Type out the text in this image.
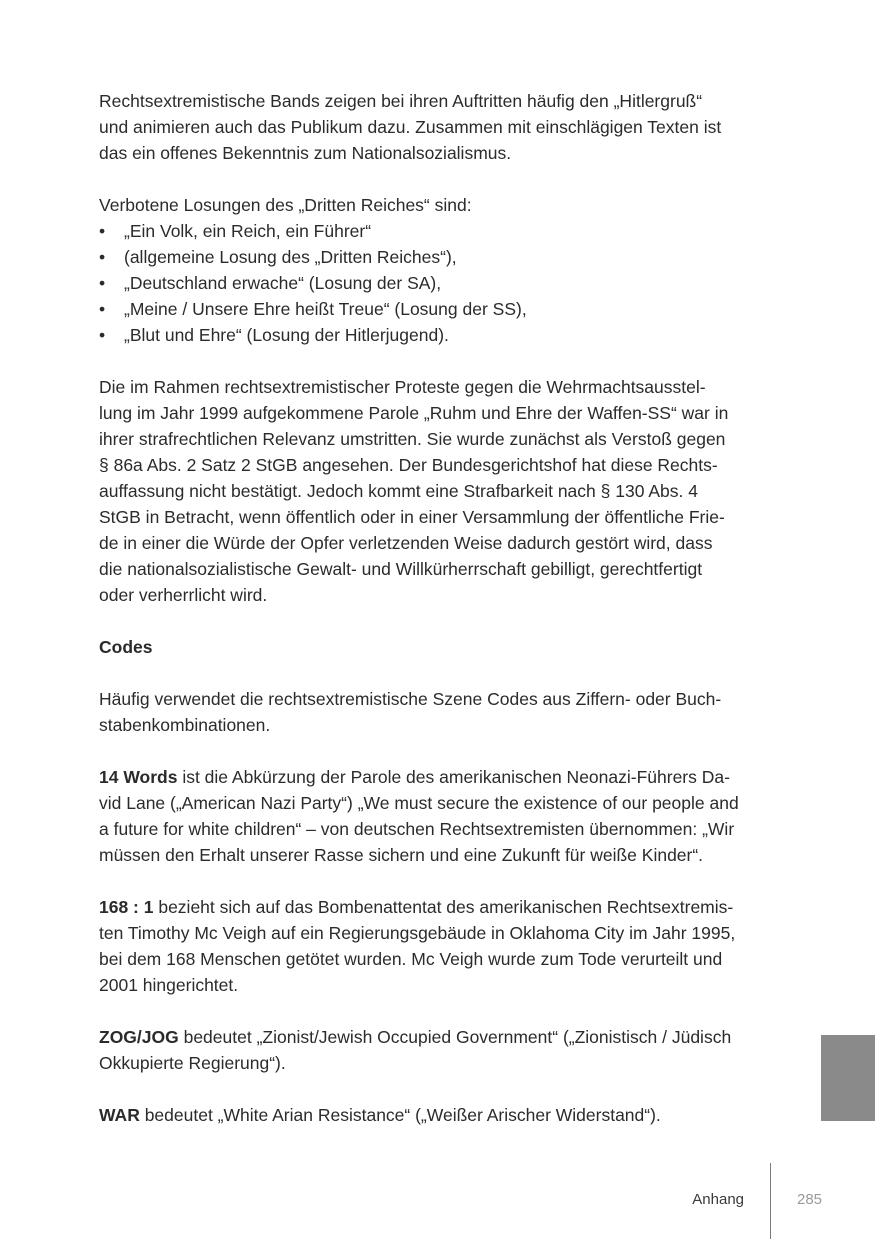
Rechtsextremistische Bands zeigen bei ihren Auftritten häufig den „Hitlergruß“
und animieren auch das Publikum dazu. Zusammen mit einschlägigen Texten ist
das ein offenes Bekenntnis zum Nationalsozialismus.

Verbotene Losungen des „Dritten Reiches“ sind:

• „Ein Volk, ein Reich, ein Führer“
• (allgemeine Losung des „Dritten Reiches“),
• „Deutschland erwache“ (Losung der SA),
• „Meine / Unsere Ehre heißt Treue“ (Losung der SS),
• „Blut und Ehre“ (Losung der Hitlerjugend).

Die im Rahmen rechtsextremistischer Proteste gegen die Wehrmachtsausstel-
lung im Jahr 1999 aufgekommene Parole „Ruhm und Ehre der Waffen-SS“ war in
ihrer strafrechtlichen Relevanz umstritten. Sie wurde zunächst als Verstoß gegen
§ 86a Abs. 2 Satz 2 StGB angesehen. Der Bundesgerichtshof hat diese Rechts-
auffassung nicht bestätigt. Jedoch kommt eine Strafbarkeit nach § 130 Abs. 4
StGB in Betracht, wenn öffentlich oder in einer Versammlung der öffentliche Frie-
de in einer die Würde der Opfer verletzenden Weise dadurch gestört wird, dass
die nationalsozialistische Gewalt- und Willkürherrschaft gebilligt, gerechtfertigt
oder verherrlicht wird.

Codes

Häufig verwendet die rechtsextremistische Szene Codes aus Ziffern- oder Buch-
stabenkombinationen.

14 Words ist die Abkürzung der Parole des amerikanischen Neonazi-Führers Da-
vid Lane („American Nazi Party“) „We must secure the existence of our people and
a future for white children“ – von deutschen Rechtsextremisten übernommen: „Wir
müssen den Erhalt unserer Rasse sichern und eine Zukunft für weiße Kinder“.

168 : 1 bezieht sich auf das Bombenattentat des amerikanischen Rechtsextremis-
ten Timothy Mc Veigh auf ein Regierungsgebäude in Oklahoma City im Jahr 1995,
bei dem 168 Menschen getötet wurden. Mc Veigh wurde zum Tode verurteilt und
2001 hingerichtet.

ZOG/JOG bedeutet „Zionist/Jewish Occupied Government“ („Zionistisch / Jüdisch
Okkupierte Regierung“).

WAR bedeutet „White Arian Resistance“ („Weißer Arischer Widerstand“).

Anhang	285
